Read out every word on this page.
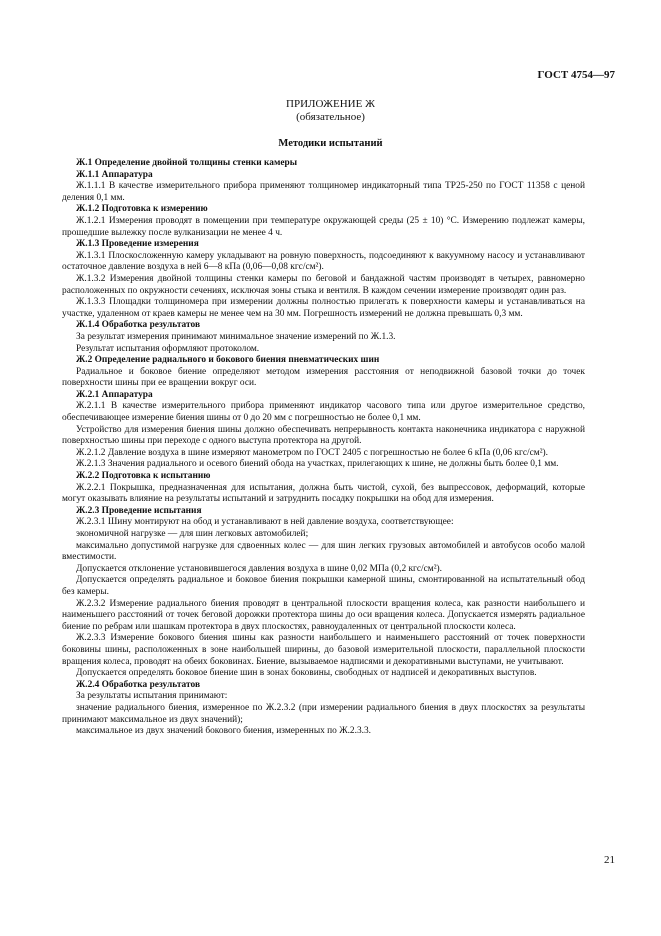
ГОСТ 4754—97
ПРИЛОЖЕНИЕ Ж
(обязательное)
Методики испытаний
Ж.1 Определение двойной толщины стенки камеры
Ж.1.1 Аппаратура
Ж.1.1.1 В качестве измерительного прибора применяют толщиномер индикаторный типа ТР25-250 по ГОСТ 11358 с ценой деления 0,1 мм.
Ж.1.2 Подготовка к измерению
Ж.1.2.1 Измерения проводят в помещении при температуре окружающей среды (25 ± 10) °С. Измерению подлежат камеры, прошедшие вылежку после вулканизации не менее 4 ч.
Ж.1.3 Проведение измерения
Ж.1.3.1 Плоскосложенную камеру укладывают на ровную поверхность, подсоединяют к вакуумному насосу и устанавливают остаточное давление воздуха в ней 6—8 кПа (0,06—0,08 кгс/см²).
Ж.1.3.2 Измерения двойной толщины стенки камеры по беговой и бандажной частям производят в четырех, равномерно расположенных по окружности сечениях, исключая зоны стыка и вентиля. В каждом сечении измерение производят один раз.
Ж.1.3.3 Площадки толщиномера при измерении должны полностью прилегать к поверхности камеры и устанавливаться на участке, удаленном от краев камеры не менее чем на 30 мм. Погрешность измерений не должна превышать 0,3 мм.
Ж.1.4 Обработка результатов
За результат измерения принимают минимальное значение измерений по Ж.1.3.
Результат испытания оформляют протоколом.
Ж.2 Определение радиального и бокового биения пневматических шин
Радиальное и боковое биение определяют методом измерения расстояния от неподвижной базовой точки до точек поверхности шины при ее вращении вокруг оси.
Ж.2.1 Аппаратура
Ж.2.1.1 В качестве измерительного прибора применяют индикатор часового типа или другое измерительное средство, обеспечивающее измерение биения шины от 0 до 20 мм с погрешностью не более 0,1 мм.
Устройство для измерения биения шины должно обеспечивать непрерывность контакта наконечника индикатора с наружной поверхностью шины при переходе с одного выступа протектора на другой.
Ж.2.1.2 Давление воздуха в шине измеряют манометром по ГОСТ 2405 с погрешностью не более 6 кПа (0,06 кгс/см²).
Ж.2.1.3 Значения радиального и осевого биений обода на участках, прилегающих к шине, не должны быть более 0,1 мм.
Ж.2.2 Подготовка к испытанию
Ж.2.2.1 Покрышка, предназначенная для испытания, должна быть чистой, сухой, без выпрессовок, деформаций, которые могут оказывать влияние на результаты испытаний и затруднить посадку покрышки на обод для измерения.
Ж.2.3 Проведение испытания
Ж.2.3.1 Шину монтируют на обод и устанавливают в ней давление воздуха, соответствующее:
экономичной нагрузке — для шин легковых автомобилей;
максимально допустимой нагрузке для сдвоенных колес — для шин легких грузовых автомобилей и автобусов особо малой вместимости.
Допускается отклонение установившегося давления воздуха в шине 0,02 МПа (0,2 кгс/см²).
Допускается определять радиальное и боковое биения покрышки камерной шины, смонтированной на испытательный обод без камеры.
Ж.2.3.2 Измерение радиального биения проводят в центральной плоскости вращения колеса, как разности наибольшего и наименьшего расстояний от точек беговой дорожки протектора шины до оси вращения колеса. Допускается измерять радиальное биение по ребрам или шашкам протектора в двух плоскостях, равноудаленных от центральной плоскости колеса.
Ж.2.3.3 Измерение бокового биения шины как разности наибольшего и наименьшего расстояний от точек поверхности боковины шины, расположенных в зоне наибольшей ширины, до базовой измерительной плоскости, параллельной плоскости вращения колеса, проводят на обеих боковинах. Биение, вызываемое надписями и декоративными выступами, не учитывают.
Допускается определять боковое биение шин в зонах боковины, свободных от надписей и декоративных выступов.
Ж.2.4 Обработка результатов
За результаты испытания принимают:
значение радиального биения, измеренное по Ж.2.3.2 (при измерении радиального биения в двух плоскостях за результаты принимают максимальное из двух значений);
максимальное из двух значений бокового биения, измеренных по Ж.2.3.3.
21
